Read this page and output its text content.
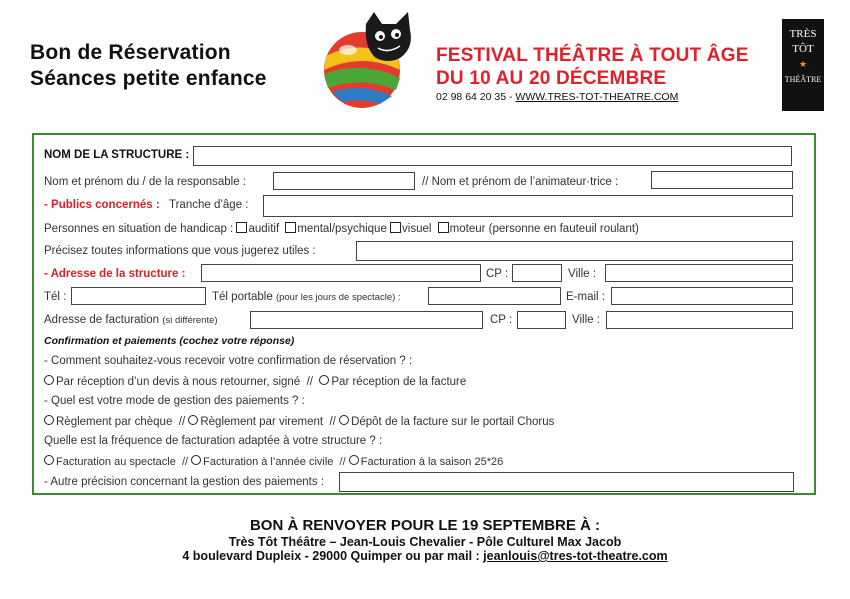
Bon de Réservation
Séances petite enfance
FESTIVAL THÉÂTRE À TOUT ÂGE
DU 10 AU 20 DÉCEMBRE
02 98 64 20 35 - WWW.TRES-TOT-THEATRE.COM
TRÈS
TÔT
★
THÉÂTRE
NOM DE LA STRUCTURE :
Nom et prénom du / de la responsable :	// Nom et prénom de l’animateur·trice :
- Publics concernés : Tranche d’âge :
Personnes en situation de handicap : auditif mental/psychique visuel moteur (personne en fauteuil roulant)
Précisez toutes informations que vous jugerez utiles :
- Adresse de la structure :	CP :	Ville :
Tél :	Tél portable (pour les jours de spectacle) :	E-mail :
Adresse de facturation (si différente)	CP :	Ville :
Confirmation et paiements (cochez votre réponse)
- Comment souhaitez-vous recevoir votre confirmation de réservation ? :
Par réception d’un devis à nous retourner, signé // Par réception de la facture
- Quel est votre mode de gestion des paiements ? :
Règlement par chèque // Règlement par virement // Dépôt de la facture sur le portail Chorus
Quelle est la fréquence de facturation adaptée à votre structure ? :
Facturation au spectacle // Facturation à l’année civile // Facturation à la saison 25*26
- Autre précision concernant la gestion des paiements :
BON À RENVOYER POUR LE 19 SEPTEMBRE À :
Très Tôt Théâtre – Jean-Louis Chevalier - Pôle Culturel Max Jacob
4 boulevard Dupleix - 29000 Quimper ou par mail : jeanlouis@tres-tot-theatre.com
